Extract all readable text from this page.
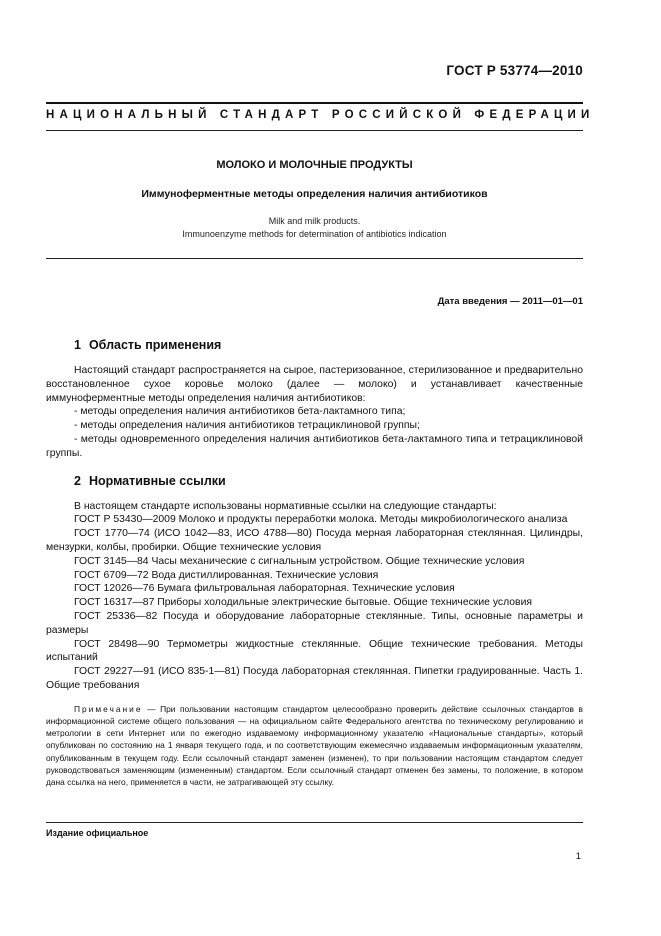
ГОСТ Р 53774—2010
НАЦИОНАЛЬНЫЙ СТАНДАРТ РОССИЙСКОЙ ФЕДЕРАЦИИ
МОЛОКО И МОЛОЧНЫЕ ПРОДУКТЫ
Иммуноферментные методы определения наличия антибиотиков
Milk and milk products.
Immunoenzyme methods for determination of antibiotics indication
Дата введения — 2011—01—01
1 Область применения

Настоящий стандарт распространяется на сырое, пастеризованное, стерилизованное и предварительно восстановленное сухое коровье молоко (далее — молоко) и устанавливает качественные иммуноферментные методы определения наличия антибиотиков:

- методы определения наличия антибиотиков бета-лактамного типа;

- методы определения наличия антибиотиков тетрациклиновой группы;

- методы одновременного определения наличия антибиотиков бета-лактамного типа и тетрациклиновой группы.

2 Нормативные ссылки

В настоящем стандарте использованы нормативные ссылки на следующие стандарты:

ГОСТ Р 53430—2009 Молоко и продукты переработки молока. Методы микробиологического анализа

ГОСТ 1770—74 (ИСО 1042—83, ИСО 4788—80) Посуда мерная лабораторная стеклянная. Цилиндры, мензурки, колбы, пробирки. Общие технические условия

ГОСТ 3145—84 Часы механические с сигнальным устройством. Общие технические условия

ГОСТ 6709—72 Вода дистиллированная. Технические условия

ГОСТ 12026—76 Бумага фильтровальная лабораторная. Технические условия

ГОСТ 16317—87 Приборы холодильные электрические бытовые. Общие технические условия

ГОСТ 25336—82 Посуда и оборудование лабораторные стеклянные. Типы, основные параметры и размеры

ГОСТ 28498—90 Термометры жидкостные стеклянные. Общие технические требования. Методы испытаний

ГОСТ 29227—91 (ИСО 835-1—81) Посуда лабораторная стеклянная. Пипетки градуированные. Часть 1. Общие требования

Примечание — При пользовании настоящим стандартом целесообразно проверить действие ссылочных стандартов в информационной системе общего пользования — на официальном сайте Федерального агентства по техническому регулированию и метрологии в сети Интернет или по ежегодно издаваемому информационному указателю «Национальные стандарты», который опубликован по состоянию на 1 января текущего года, и по соответствующим ежемесячно издаваемым информационным указателям, опубликованным в текущем году. Если ссылочный стандарт заменен (изменен), то при пользовании настоящим стандартом следует руководствоваться заменяющим (измененным) стандартом. Если ссылочный стандарт отменен без замены, то положение, в котором дана ссылка на него, применяется в части, не затрагивающей эту ссылку.

Издание официальное
1
